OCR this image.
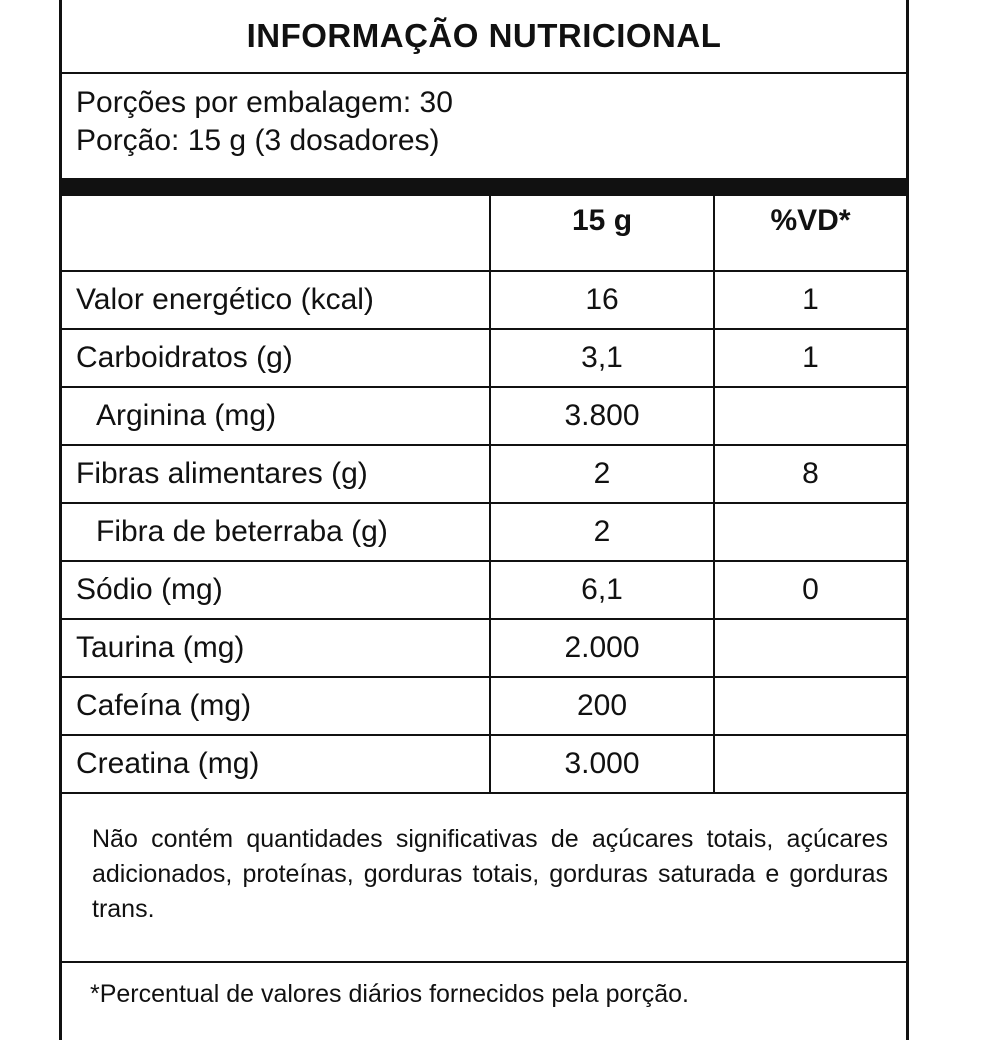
INFORMAÇÃO NUTRICIONAL
Porções por embalagem: 30
Porção: 15 g (3 dosadores)
	15 g	%VD*
Valor energético (kcal)	16	1
Carboidratos (g)	3,1	1
Arginina (mg)	3.800	
Fibras alimentares (g)	2	8
Fibra de beterraba (g)	2	
Sódio (mg)	6,1	0
Taurina (mg)	2.000	
Cafeína (mg)	200	
Creatina (mg)	3.000	
Não contém quantidades significativas de açúcares totais, açúcares adicionados, proteínas, gorduras totais, gorduras saturada e gorduras trans.
*Percentual de valores diários fornecidos pela porção.
